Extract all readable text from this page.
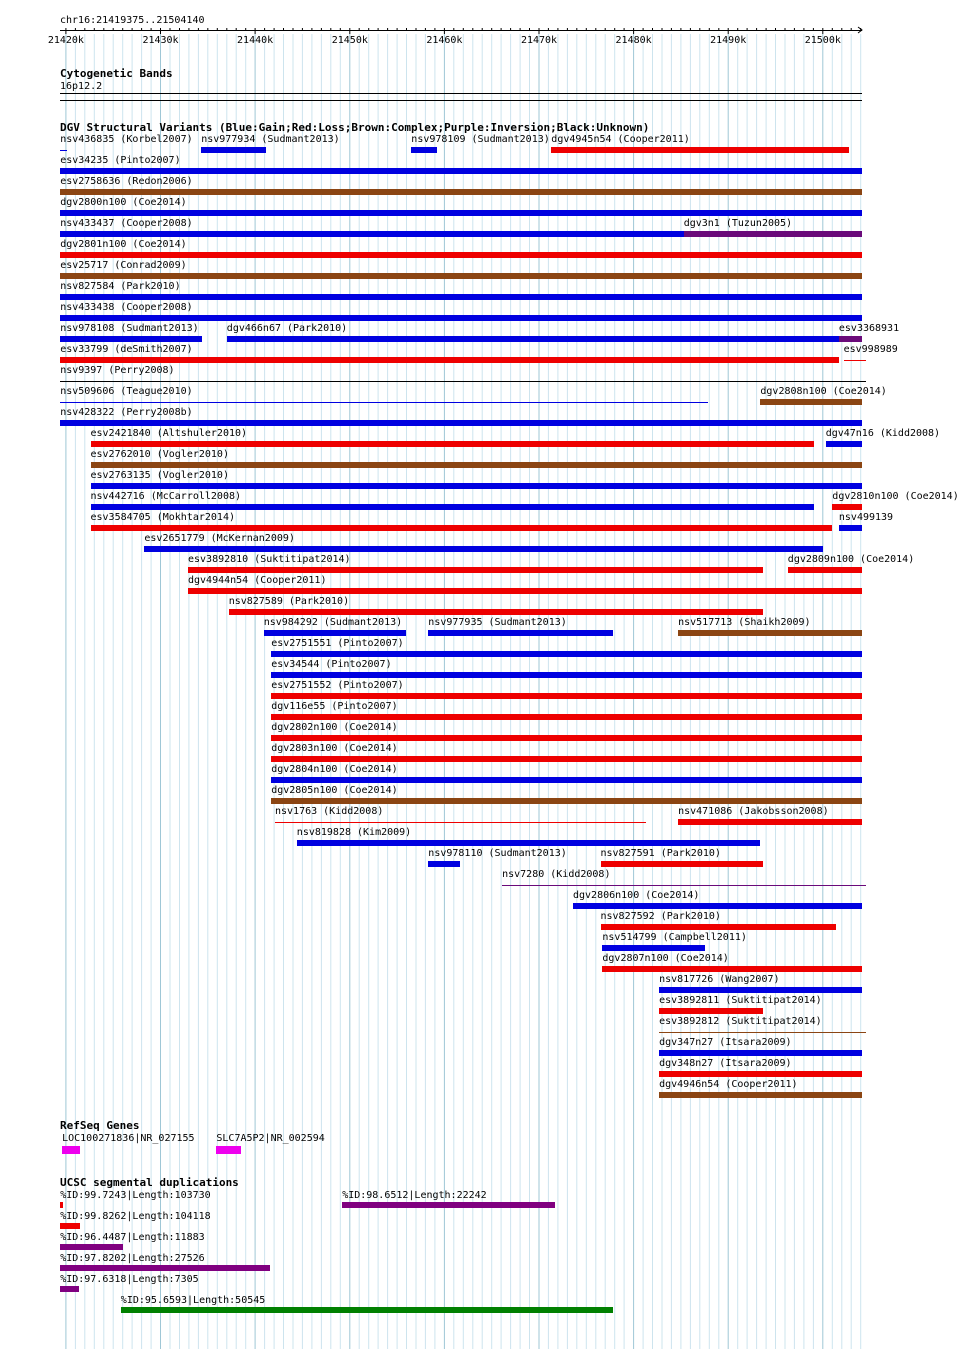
chr16:21419375..21504140
21420k	21430k	21440k	21450k	21460k	21470k	21480k	21490k	21500k
Cytogenetic Bands
16p12.2
DGV Structural Variants (Blue:Gain;Red:Loss;Brown:Complex;Purple:Inversion;Black:Unknown)
nsv436835 (Korbel2007) nsv977934 (Sudmant2013)	nsv978109 (Sudmant2013) dgv4945n54 (Cooper2011)
esv34235 (Pinto2007)
esv2758636 (Redon2006)
dgv2800n100 (Coe2014)
nsv433437 (Cooper2008)	dgv3n1 (Tuzun2005)
dgv2801n100 (Coe2014)
esv25717 (Conrad2009)
nsv827584 (Park2010)
nsv433438 (Cooper2008)
nsv978108 (Sudmant2013)	dgv466n67 (Park2010)	esv3368931
esv33799 (deSmith2007)	esv998989
nsv9397 (Perry2008)
nsv509606 (Teague2010)	dgv2808n100 (Coe2014)
nsv428322 (Perry2008b)
esv2421840 (Altshuler2010)	dgv47n16 (Kidd2008)
esv2762010 (Vogler2010)
esv2763135 (Vogler2010)
nsv442716 (McCarroll2008)	dgv2810n100 (Coe2014)
esv3584705 (Mokhtar2014)	nsv499139
esv2651779 (McKernan2009)
esv3892810 (Suktitipat2014)	dgv2809n100 (Coe2014)
dgv4944n54 (Cooper2011)
nsv827589 (Park2010)
nsv984292 (Sudmant2013)	nsv977935 (Sudmant2013)	nsv517713 (Shaikh2009)
esv2751551 (Pinto2007)
esv34544 (Pinto2007)
esv2751552 (Pinto2007)
dgv116e55 (Pinto2007)
dgv2802n100 (Coe2014)
dgv2803n100 (Coe2014)
dgv2804n100 (Coe2014)
dgv2805n100 (Coe2014)
nsv1763 (Kidd2008)	nsv471086 (Jakobsson2008)
nsv819828 (Kim2009)
nsv978110 (Sudmant2013)	nsv827591 (Park2010)
nsv7280 (Kidd2008)
dgv2806n100 (Coe2014)
nsv827592 (Park2010)
nsv514799 (Campbell2011)
dgv2807n100 (Coe2014)
nsv817726 (Wang2007)
esv3892811 (Suktitipat2014)
esv3892812 (Suktitipat2014)
dgv347n27 (Itsara2009)
dgv348n27 (Itsara2009)
dgv4946n54 (Cooper2011)
RefSeq Genes
LOC100271836|NR_027155 SLC7A5P2|NR_002594
UCSC segmental duplications
%ID:99.7243|Length:103730	%ID:98.6512|Length:22242
%ID:99.8262|Length:104118
%ID:96.4487|Length:11883
%ID:97.8202|Length:27526
%ID:97.6318|Length:7305
%ID:95.6593|Length:50545
